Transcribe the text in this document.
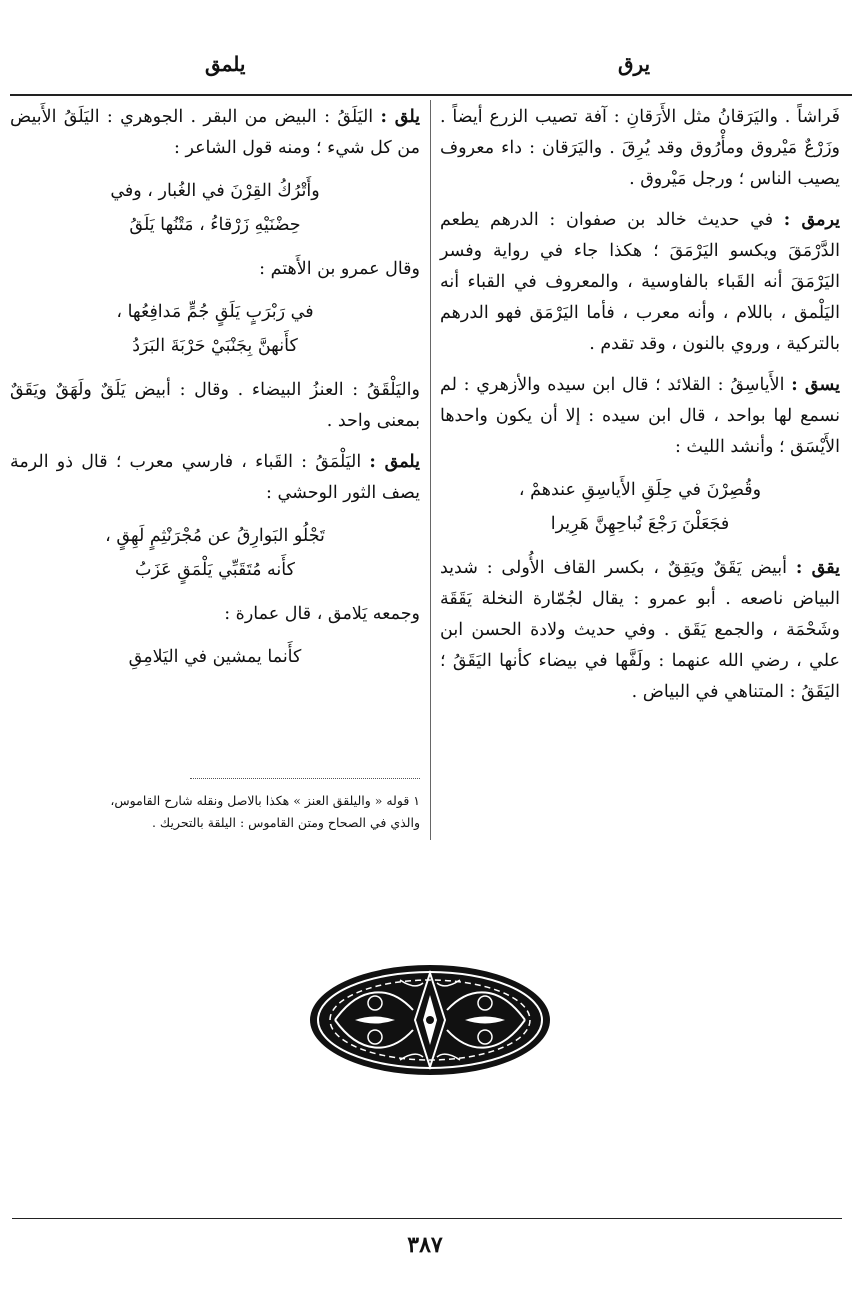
يرق
يلمق
فَراشاً . واليَرَقانُ مثل الأَرَقانِ : آفة تصيب الزرع أيضاً . وزَرْعٌ مَيْروق ومأْرُوق وقد يُرِقَ . واليَرَقان : داء معروف يصيب الناس ؛ ورجل مَيْروق .
يرمق : في حديث خالد بن صفوان : الدرهم يطعم الدَّرْمَقَ ويكسو اليَرْمَقَ ؛ هكذا جاء في رواية وفسر اليَرْمَقَ أنه القَباء بالفاوسية ، والمعروف في القباء أنه اليَلْمق ، باللام ، وأنه معرب ، فأما اليَرْمَق فهو الدرهم بالتركية ، وروي بالنون ، وقد تقدم .
يسق : الأَياسِقُ : القلائد ؛ قال ابن سيده والأزهري : لم نسمع لها بواحد ، قال ابن سيده : إلا أن يكون واحدها الأَيْسَق ؛ وأنشد الليث :
وقُصِرْنَ في حِلَقِ الأَياسِقِ عندهمْ ،
فجَعَلْنَ رَجْعَ نُباحِهِنَّ هَرِيرا
يقق : أبيض يَقَقٌ ويَقِقٌ ، بكسر القاف الأُولى : شديد البياض ناصعه . أبو عمرو : يقال لجُمّارة النخلة يَقَقَة وشَحْمَة ، والجمع يَقَق . وفي حديث ولادة الحسن ابن علي ، رضي الله عنهما : ولَفَّها في بيضاء كأنها اليَقَقُ ؛ اليَقَقُ : المتناهي في البياض .
يلق : اليَلَقُ : البيض من البقر . الجوهري : اليَلَقُ الأَبيض من كل شيء ؛ ومنه قول الشاعر :
وأَتْرُكُ القِرْنَ في الغُبار ، وفي
حِضْنَيْهِ زَرْقاءُ ، مَتْنُها يَلَقُ
وقال عمرو بن الأَهتم :
في رَبْرَبٍ يَلَقٍ جُمٍّ مَدافِعُها ،
كأَنهنَّ بِجَنْبَيْ حَرْبَةَ البَرَدُ
واليَلْقَقُ : العنزُ البيضاء . وقال : أبيض يَلَقٌ ولَهَقٌ ويَقَقٌ بمعنى واحد .
يلمق : اليَلْمَقُ : القَباء ، فارسي معرب ؛ قال ذو الرمة يصف الثور الوحشي :
تَجْلُو البَوارِقُ عن مُجْرَنْثِمٍ لَهِقٍ ،
كأَنه مُتَقَبِّي يَلْمَقٍ عَزَبُ
وجمعه يَلامق ، قال عمارة :
كأَنما يمشين في اليَلامِقِ
١ قوله « واليلقق العنز » هكذا بالاصل ونقله شارح القاموس،
والذي في الصحاح ومتن القاموس : اليلقة بالتحريك .
٣٨٧
